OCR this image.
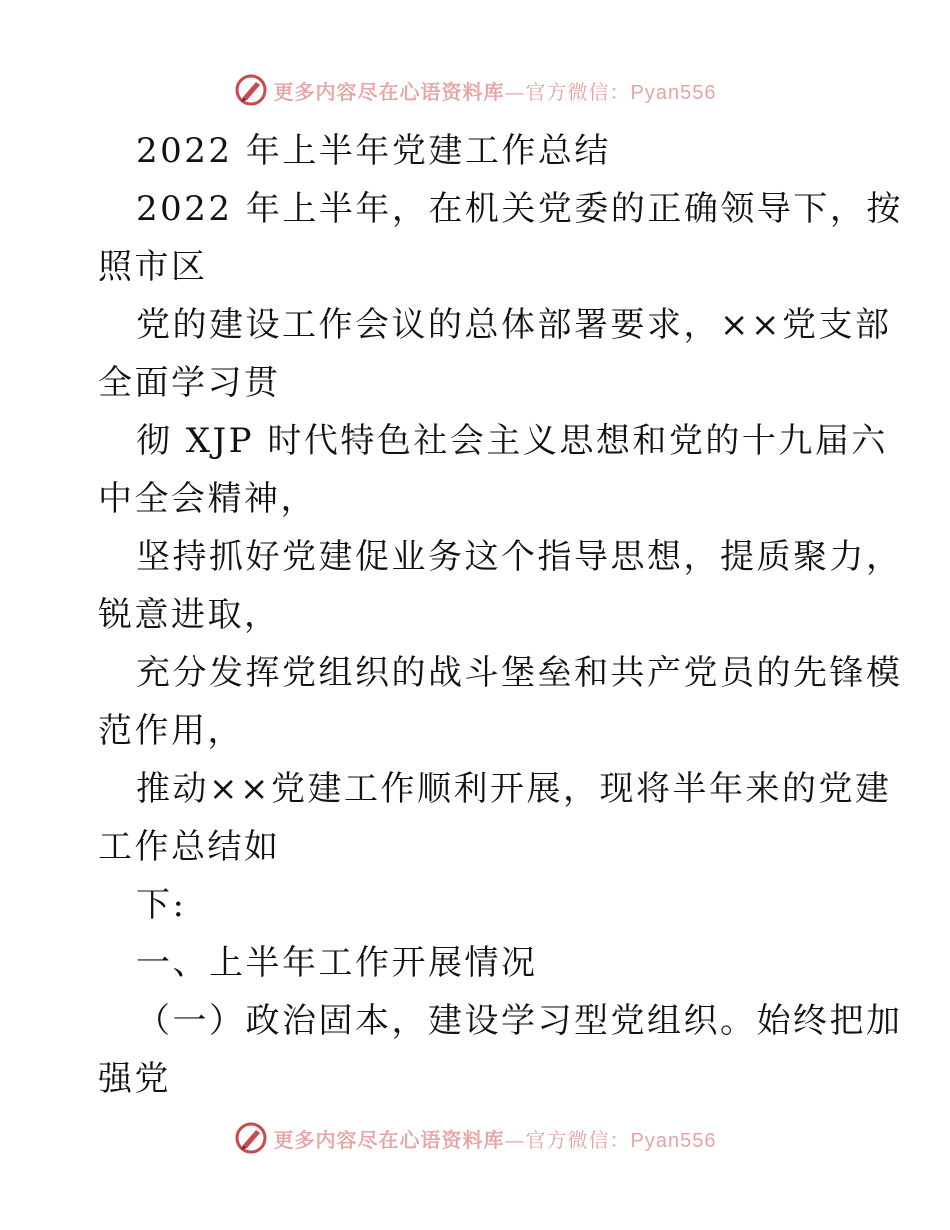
更多内容尽在心语资料库—官方微信：Pyan556
2022 年上半年党建工作总结
2022 年上半年，在机关党委的正确领导下，按
照市区
党的建设工作会议的总体部署要求，××党支部
全面学习贯
彻 XJP 时代特色社会主义思想和党的十九届六
中全会精神，
坚持抓好党建促业务这个指导思想，提质聚力，
锐意进取，
充分发挥党组织的战斗堡垒和共产党员的先锋模
范作用，
推动××党建工作顺利开展，现将半年来的党建
工作总结如
下:
一、上半年工作开展情况
（一）政治固本，建设学习型党组织。始终把加
强党
更多内容尽在心语资料库—官方微信：Pyan556
